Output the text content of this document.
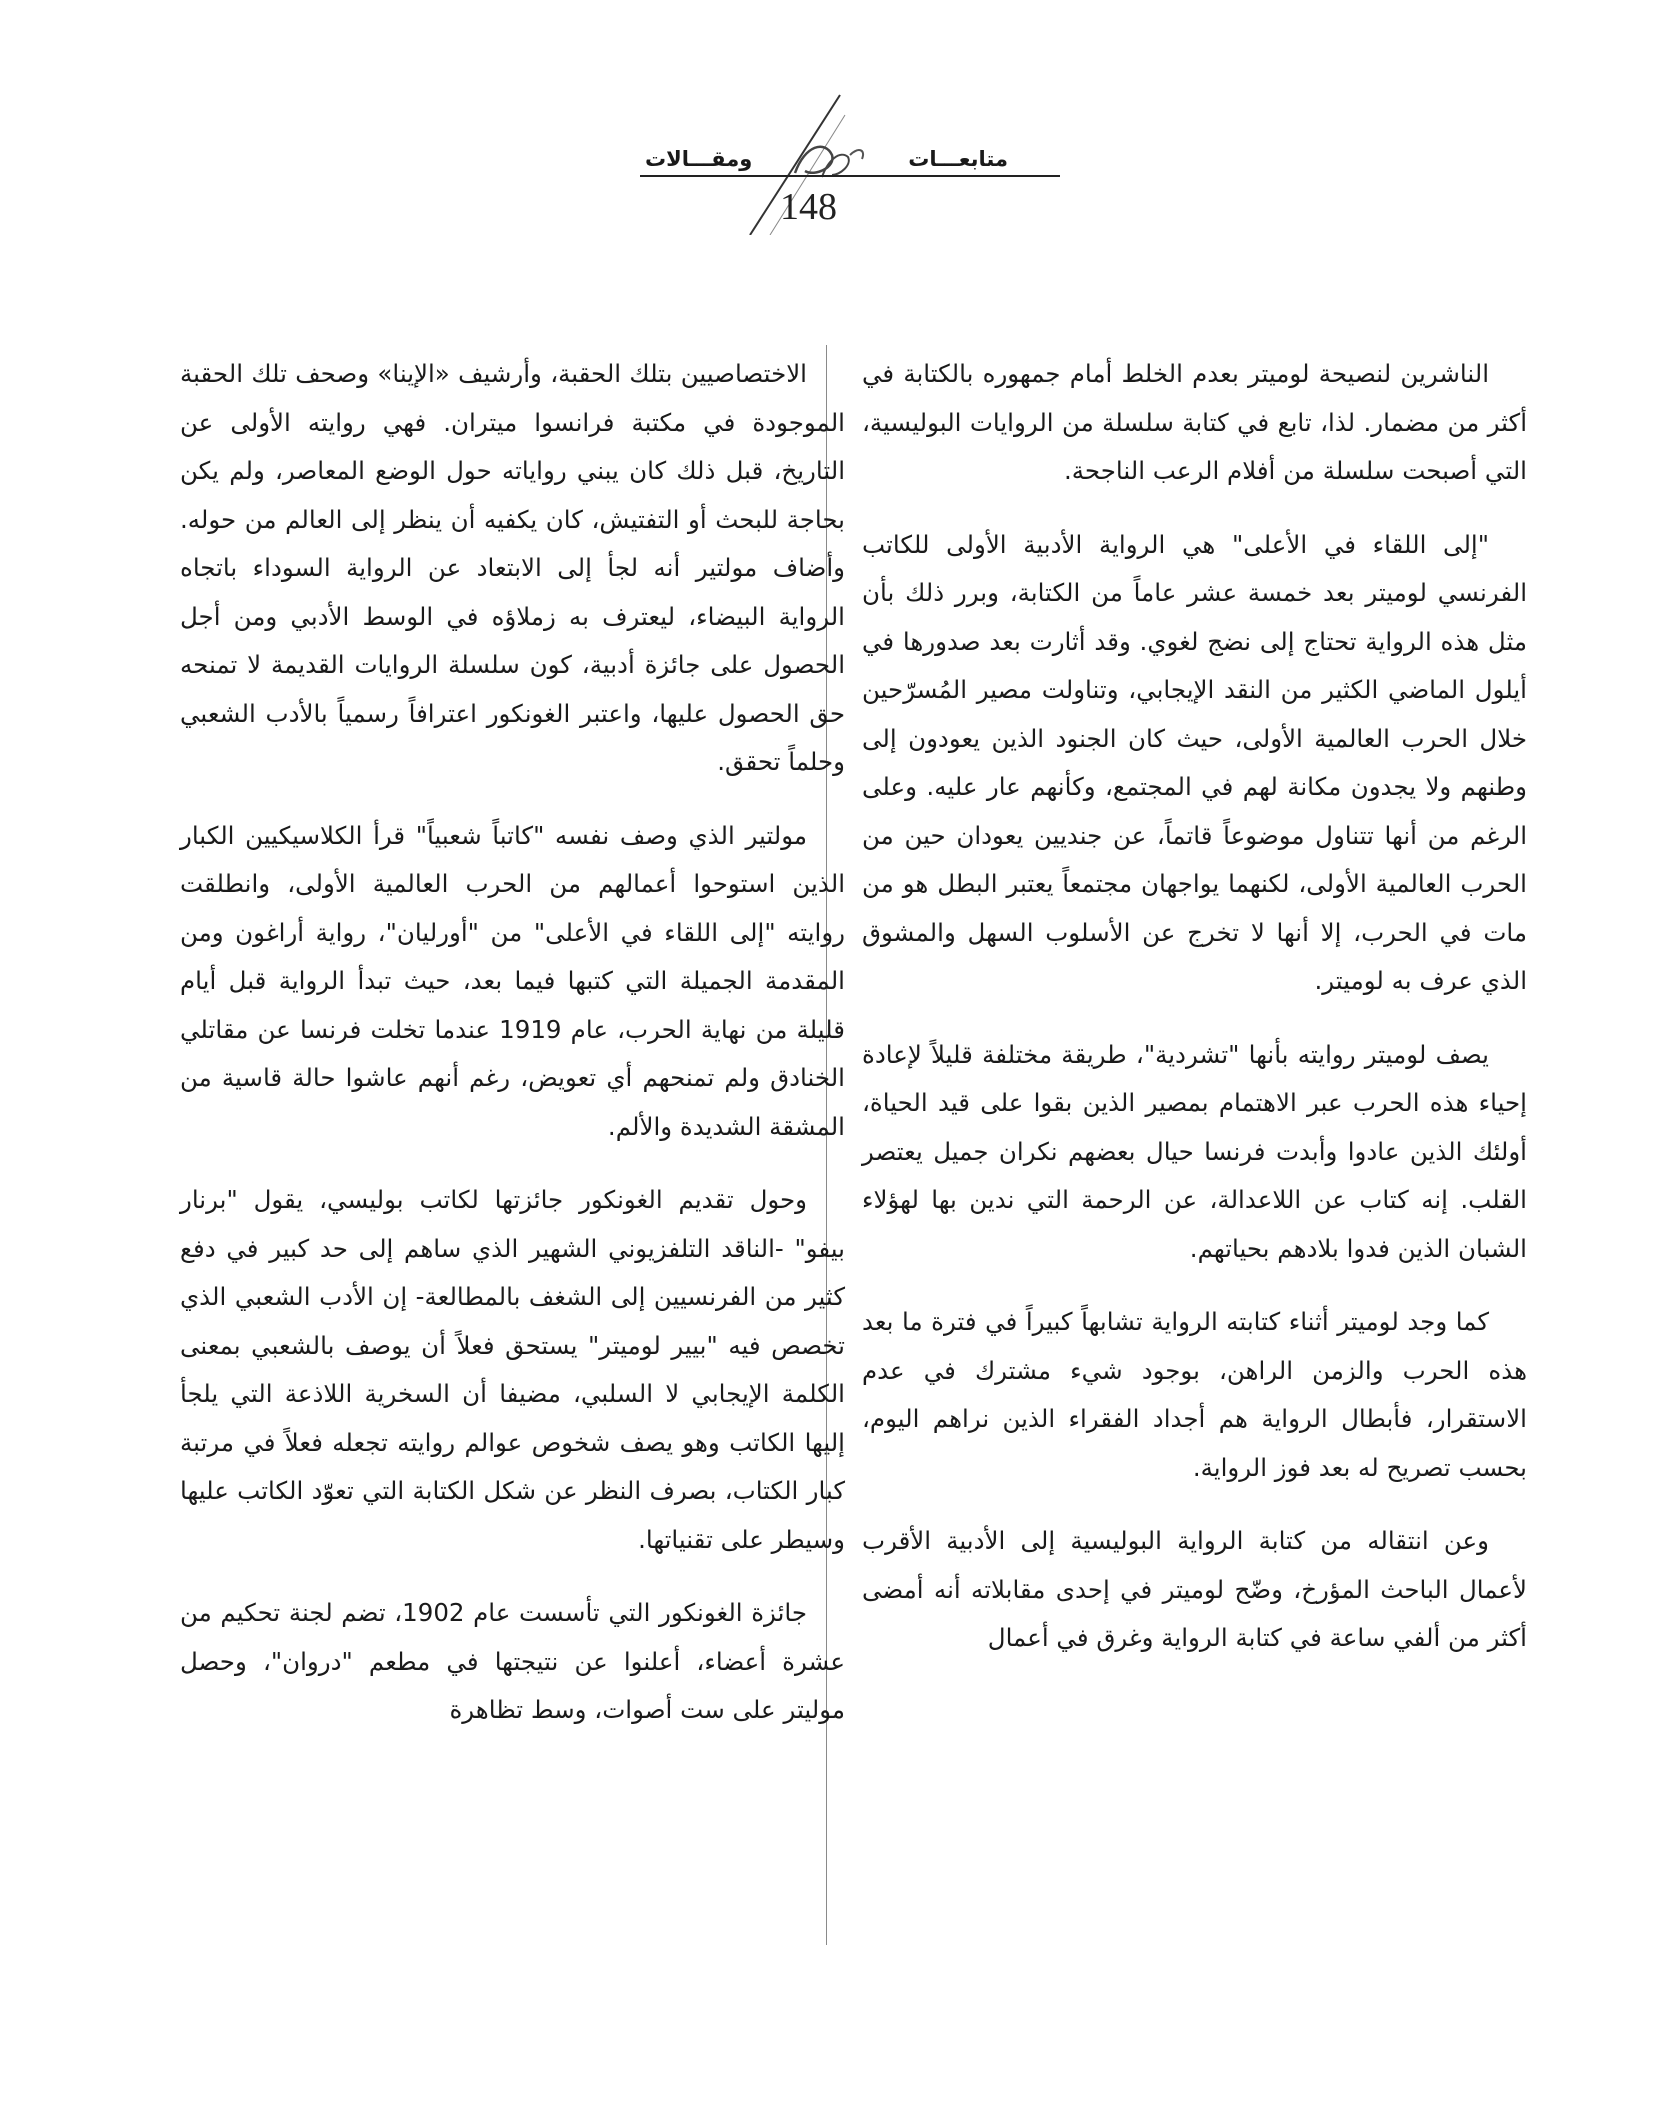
متابعـــات
ومقـــالات
148

الناشرين لنصيحة لوميتر بعدم الخلط أمام جمهوره بالكتابة ﻓﻲ أكثر من مضمار. لذا، تابع ﻓﻲ كتابة سلسلة من الروايات البوليسية، التي أصبحت سلسلة من أفلام الرعب الناجحة.

"إلى اللقاء ﻓﻲ الأعلى" هي الرواية الأدبية الأولى للكاتب الفرنسي لوميتر بعد خمسة عشر عاماً من الكتابة، وبرر ذلك بأن مثل هذه الرواية تحتاج إلى نضج لغوي. وقد أثارت بعد صدورها ﻓﻲ أيلول الماضي الكثير من النقد الإيجابي، وتناولت مصير المُسرّحين خلال الحرب العالمية الأولى، حيث كان الجنود الذين يعودون إلى وطنهم ولا يجدون مكانة لهم ﻓﻲ المجتمع، وكأنهم عار عليه. وعلى الرغم من أنها تتناول موضوعاً قاتماً، عن جنديين يعودان حين من الحرب العالمية الأولى، لكنهما يواجهان مجتمعاً يعتبر البطل هو من مات ﻓﻲ الحرب، إلا أنها لا تخرج عن الأسلوب السهل والمشوق الذي عرف به لوميتر.

يصف لوميتر روايته بأنها "تشردية"، طريقة مختلفة قليلاً لإعادة إحياء هذه الحرب عبر الاهتمام بمصير الذين بقوا على قيد الحياة، أولئك الذين عادوا وأبدت فرنسا حيال بعضهم نكران جميل يعتصر القلب. إنه كتاب عن اللاعدالة، عن الرحمة التي ندين بها لهؤلاء الشبان الذين فدوا بلادهم بحياتهم.

كما وجد لوميتر أثناء كتابته الرواية تشابهاً كبيراً ﻓﻲ فترة ما بعد هذه الحرب والزمن الراهن، بوجود شيء مشترك ﻓﻲ عدم الاستقرار، فأبطال الرواية هم أجداد الفقراء الذين نراهم اليوم، بحسب تصريح له بعد فوز الرواية.

وعن انتقاله من كتابة الرواية البوليسية إلى الأدبية الأقرب لأعمال الباحث المؤرخ، وضّح لوميتر ﻓﻲ إحدى مقابلاته أنه أمضى أكثر من ألفي ساعة ﻓﻲ كتابة الرواية وغرق ﻓﻲ أعمال

الاختصاصيين بتلك الحقبة، وأرشيف «الإينا» وصحف تلك الحقبة الموجودة ﻓﻲ مكتبة فرانسوا ميتران. فهي روايته الأولى عن التاريخ، قبل ذلك كان يبني رواياته حول الوضع المعاصر، ولم يكن بحاجة للبحث أو التفتيش، كان يكفيه أن ينظر إلى العالم من حوله. وأضاف مولتير أنه لجأ إلى الابتعاد عن الرواية السوداء باتجاه الرواية البيضاء، ليعترف به زملاؤه ﻓﻲ الوسط الأدبي ومن أجل الحصول على جائزة أدبية، كون سلسلة الروايات القديمة لا تمنحه حق الحصول عليها، واعتبر الغونكور اعترافاً رسمياً بالأدب الشعبي وحلماً تحقق.

مولتير الذي وصف نفسه "كاتباً شعبياً" قرأ الكلاسيكيين الكبار الذين استوحوا أعمالهم من الحرب العالمية الأولى، وانطلقت روايته "إلى اللقاء ﻓﻲ الأعلى" من "أورليان"، رواية أراغون ومن المقدمة الجميلة التي كتبها فيما بعد، حيث تبدأ الرواية قبل أيام قليلة من نهاية الحرب، عام 1919 عندما تخلت فرنسا عن مقاتلي الخنادق ولم تمنحهم أي تعويض، رغم أنهم عاشوا حالة قاسية من المشقة الشديدة والألم.

وحول تقديم الغونكور جائزتها لكاتب بوليسي، يقول "برنار بيفو" -الناقد التلفزيوني الشهير الذي ساهم إلى حد كبير ﻓﻲ دفع كثير من الفرنسيين إلى الشغف بالمطالعة- إن الأدب الشعبي الذي تخصص فيه "بيير لوميتر" يستحق فعلاً أن يوصف بالشعبي بمعنى الكلمة الإيجابي لا السلبي، مضيفا أن السخرية اللاذعة التي يلجأ إليها الكاتب وهو يصف شخوص عوالم روايته تجعله فعلاً ﻓﻲ مرتبة كبار الكتاب، بصرف النظر عن شكل الكتابة التي تعوّد الكاتب عليها وسيطر على تقنياتها.

جائزة الغونكور التي تأسست عام 1902، تضم لجنة تحكيم من عشرة أعضاء، أعلنوا عن نتيجتها ﻓﻲ مطعم "دروان"، وحصل موليتر على ست أصوات، وسط تظاهرة
